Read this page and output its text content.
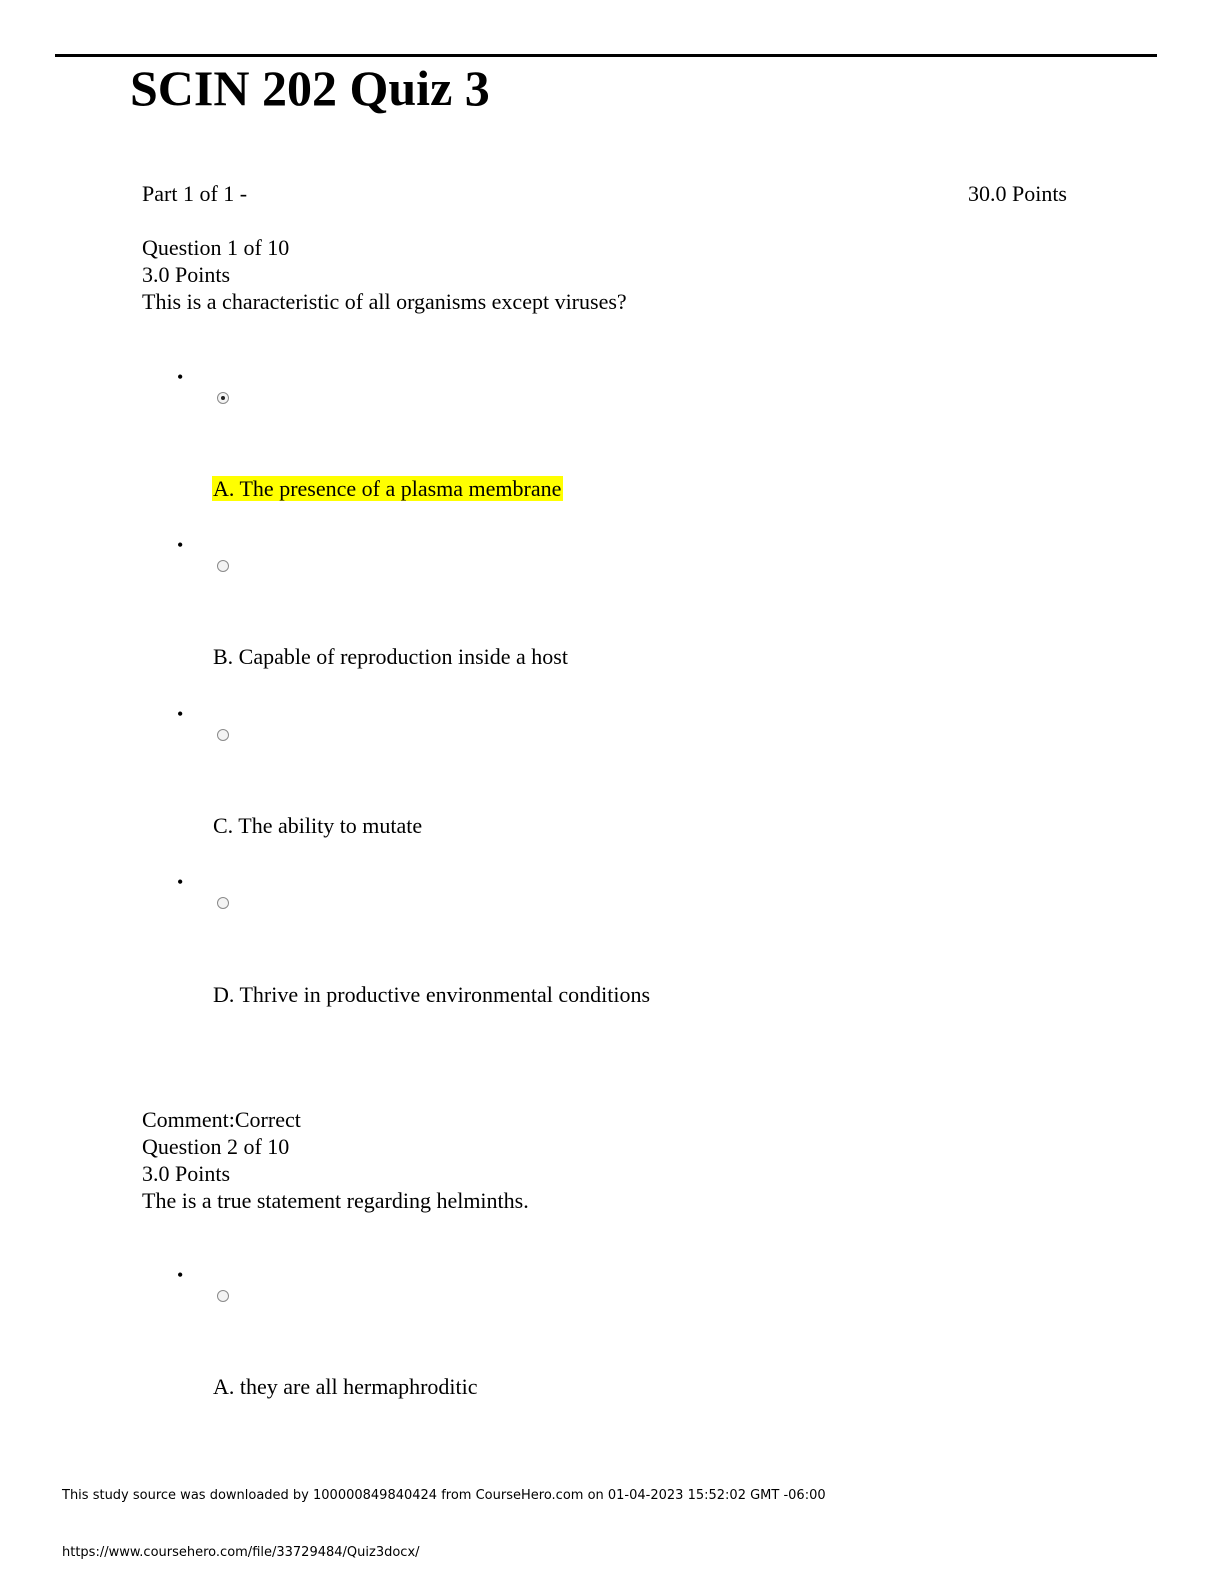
SCIN 202 Quiz 3
Part 1 of 1 -	30.0 Points
Question 1 of 10
3.0 Points
This is a characteristic of all organisms except viruses?
•
A. The presence of a plasma membrane
•
B. Capable of reproduction inside a host
•
C. The ability to mutate
•
D. Thrive in productive environmental conditions
Comment:Correct
Question 2 of 10
3.0 Points
The is a true statement regarding helminths.
•
A. they are all hermaphroditic
This study source was downloaded by 100000849840424 from CourseHero.com on 01-04-2023 15:52:02 GMT -06:00
https://www.coursehero.com/file/33729484/Quiz3docx/
